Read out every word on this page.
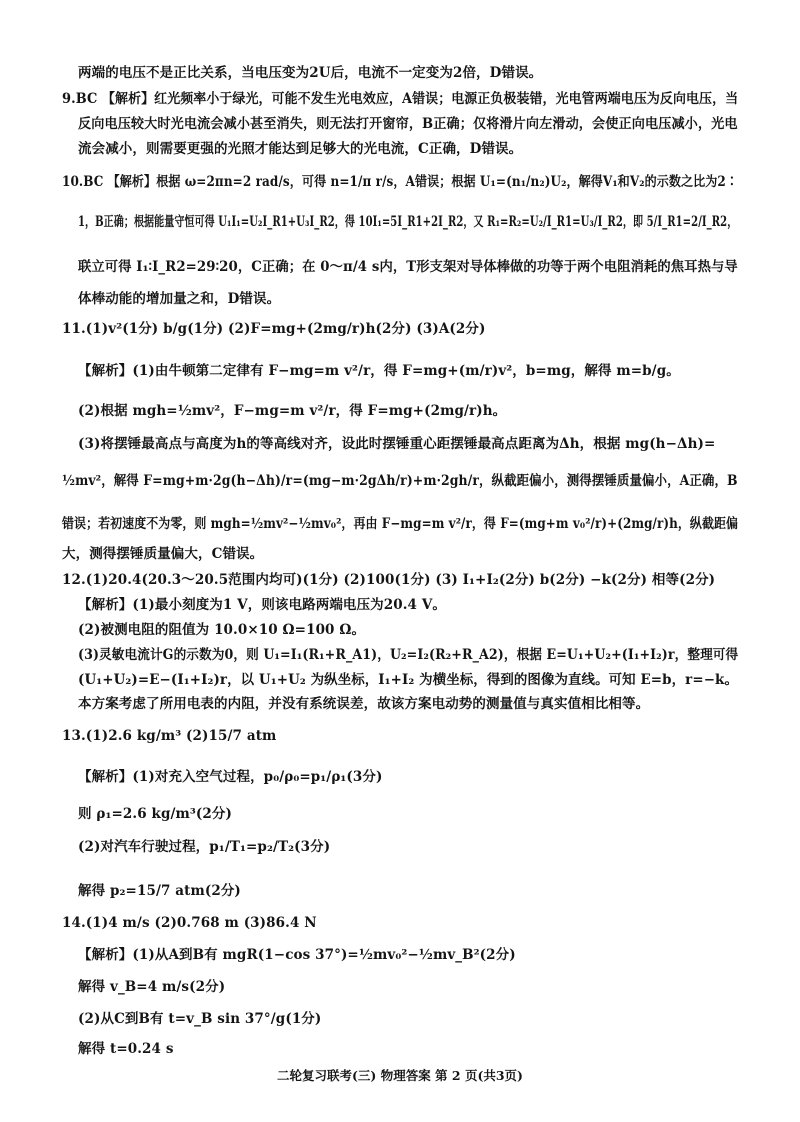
两端的电压不是正比关系，当电压变为2U后，电流不一定变为2倍，D错误。
9.BC 【解析】红光频率小于绿光，可能不发生光电效应，A错误；电源正负极装错，光电管两端电压为反向电压，当
反向电压较大时光电流会减小甚至消失，则无法打开窗帘，B正确；仅将滑片向左滑动，会使正向电压减小，光电
流会减小，则需要更强的光照才能达到足够大的光电流，C正确，D错误。
10.BC 【解析】根据 ω=2πn=2 rad/s，可得 n=1/π r/s，A错误；根据 U₁=(n₁/n₂)U₂，解得V₁和V₂的示数之比为2∶
1，B正确；根据能量守恒可得 U₁I₁=U₂I_R1+U₃I_R2，得 10I₁=5I_R1+2I_R2，又 R₁=R₂=U₂/I_R1=U₃/I_R2，即 5/I_R1=2/I_R2，
联立可得 I₁∶I_R2=29∶20，C正确；在 0～π/4 s内，T形支架对导体棒做的功等于两个电阻消耗的焦耳热与导
体棒动能的增加量之和，D错误。
11.(1)v²(1分) b/g(1分) (2)F=mg+(2mg/r)h(2分) (3)A(2分)
【解析】(1)由牛顿第二定律有 F−mg=m v²/r，得 F=mg+(m/r)v²，b=mg，解得 m=b/g。
(2)根据 mgh=½mv²，F−mg=m v²/r，得 F=mg+(2mg/r)h。
(3)将摆锤最高点与高度为h的等高线对齐，设此时摆锤重心距摆锤最高点距离为Δh，根据 mg(h−Δh)=
½mv²，解得 F=mg+m·2g(h−Δh)/r=(mg−m·2gΔh/r)+m·2gh/r，纵截距偏小，测得摆锤质量偏小，A正确，B
错误；若初速度不为零，则 mgh=½mv²−½mv₀²，再由 F−mg=m v²/r，得 F=(mg+m v₀²/r)+(2mg/r)h，纵截距偏
大，测得摆锤质量偏大，C错误。
12.(1)20.4(20.3～20.5范围内均可)(1分) (2)100(1分) (3) I₁+I₂(2分) b(2分) −k(2分) 相等(2分)
【解析】(1)最小刻度为1 V，则该电路两端电压为20.4 V。
(2)被测电阻的阻值为 10.0×10 Ω=100 Ω。
(3)灵敏电流计G的示数为0，则 U₁=I₁(R₁+R_A1)，U₂=I₂(R₂+R_A2)，根据 E=U₁+U₂+(I₁+I₂)r，整理可得
(U₁+U₂)=E−(I₁+I₂)r，以 U₁+U₂ 为纵坐标，I₁+I₂ 为横坐标，得到的图像为直线。可知 E=b，r=−k。
本方案考虑了所用电表的内阻，并没有系统误差，故该方案电动势的测量值与真实值相比相等。
13.(1)2.6 kg/m³ (2)15/7 atm
【解析】(1)对充入空气过程，p₀/ρ₀=p₁/ρ₁(3分)
则 ρ₁=2.6 kg/m³(2分)
(2)对汽车行驶过程，p₁/T₁=p₂/T₂(3分)
解得 p₂=15/7 atm(2分)
14.(1)4 m/s (2)0.768 m (3)86.4 N
【解析】(1)从A到B有 mgR(1−cos 37°)=½mv₀²−½mv_B²(2分)
解得 v_B=4 m/s(2分)
(2)从C到B有 t=v_B sin 37°/g(1分)
解得 t=0.24 s
二轮复习联考(三) 物理答案 第 2 页(共3页)
